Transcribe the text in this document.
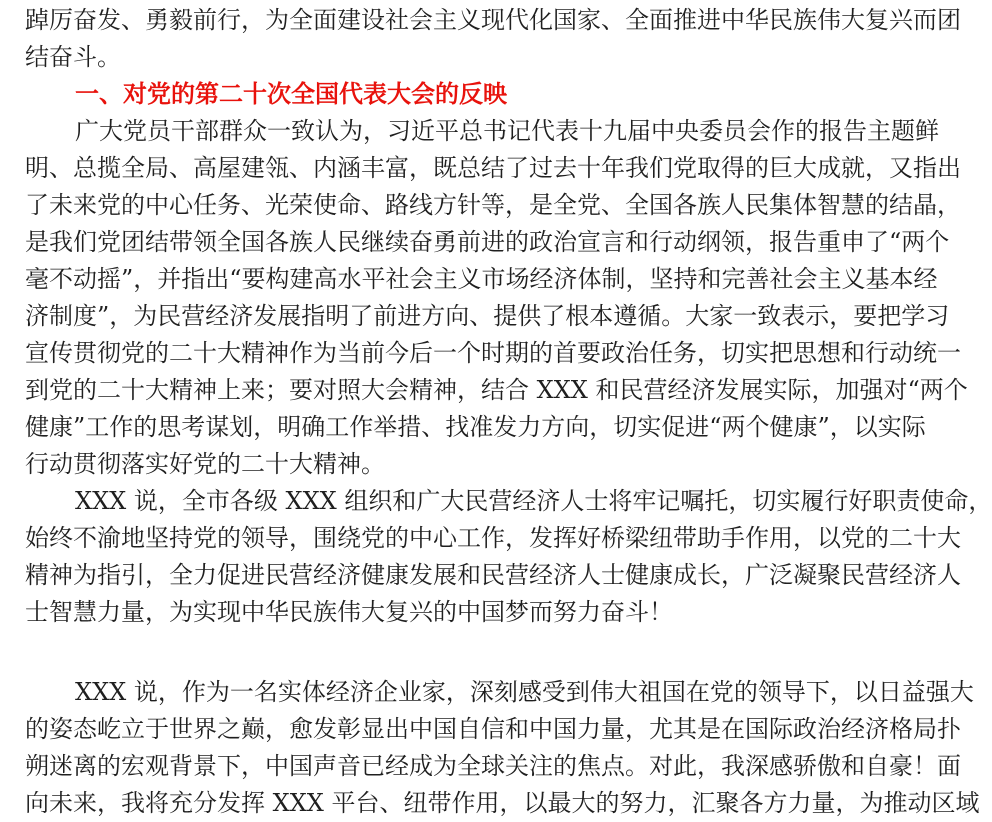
踔厉奋发、勇毅前行，为全面建设社会主义现代化国家、全面推进中华民族伟大复兴而团
结奋斗。
一、对党的第二十次全国代表大会的反映
广大党员干部群众一致认为，习近平总书记代表十九届中央委员会作的报告主题鲜
明、总揽全局、高屋建瓴、内涵丰富，既总结了过去十年我们党取得的巨大成就，又指出
了未来党的中心任务、光荣使命、路线方针等，是全党、全国各族人民集体智慧的结晶，
是我们党团结带领全国各族人民继续奋勇前进的政治宣言和行动纲领，报告重申了“两个
毫不动摇”，并指出“要构建高水平社会主义市场经济体制，坚持和完善社会主义基本经
济制度”，为民营经济发展指明了前进方向、提供了根本遵循。大家一致表示，要把学习
宣传贯彻党的二十大精神作为当前今后一个时期的首要政治任务，切实把思想和行动统一
到党的二十大精神上来；要对照大会精神，结合 XXX 和民营经济发展实际，加强对“两个
健康”工作的思考谋划，明确工作举措、找准发力方向，切实促进“两个健康”，以实际
行动贯彻落实好党的二十大精神。
XXX 说，全市各级 XXX 组织和广大民营经济人士将牢记嘱托，切实履行好职责使命，
始终不渝地坚持党的领导，围绕党的中心工作，发挥好桥梁纽带助手作用，以党的二十大
精神为指引，全力促进民营经济健康发展和民营经济人士健康成长，广泛凝聚民营经济人
士智慧力量，为实现中华民族伟大复兴的中国梦而努力奋斗！
XXX 说，作为一名实体经济企业家，深刻感受到伟大祖国在党的领导下，以日益强大
的姿态屹立于世界之巅，愈发彰显出中国自信和中国力量，尤其是在国际政治经济格局扑
朔迷离的宏观背景下，中国声音已经成为全球关注的焦点。对此，我深感骄傲和自豪！面
向未来，我将充分发挥 XXX 平台、纽带作用，以最大的努力，汇聚各方力量，为推动区域
